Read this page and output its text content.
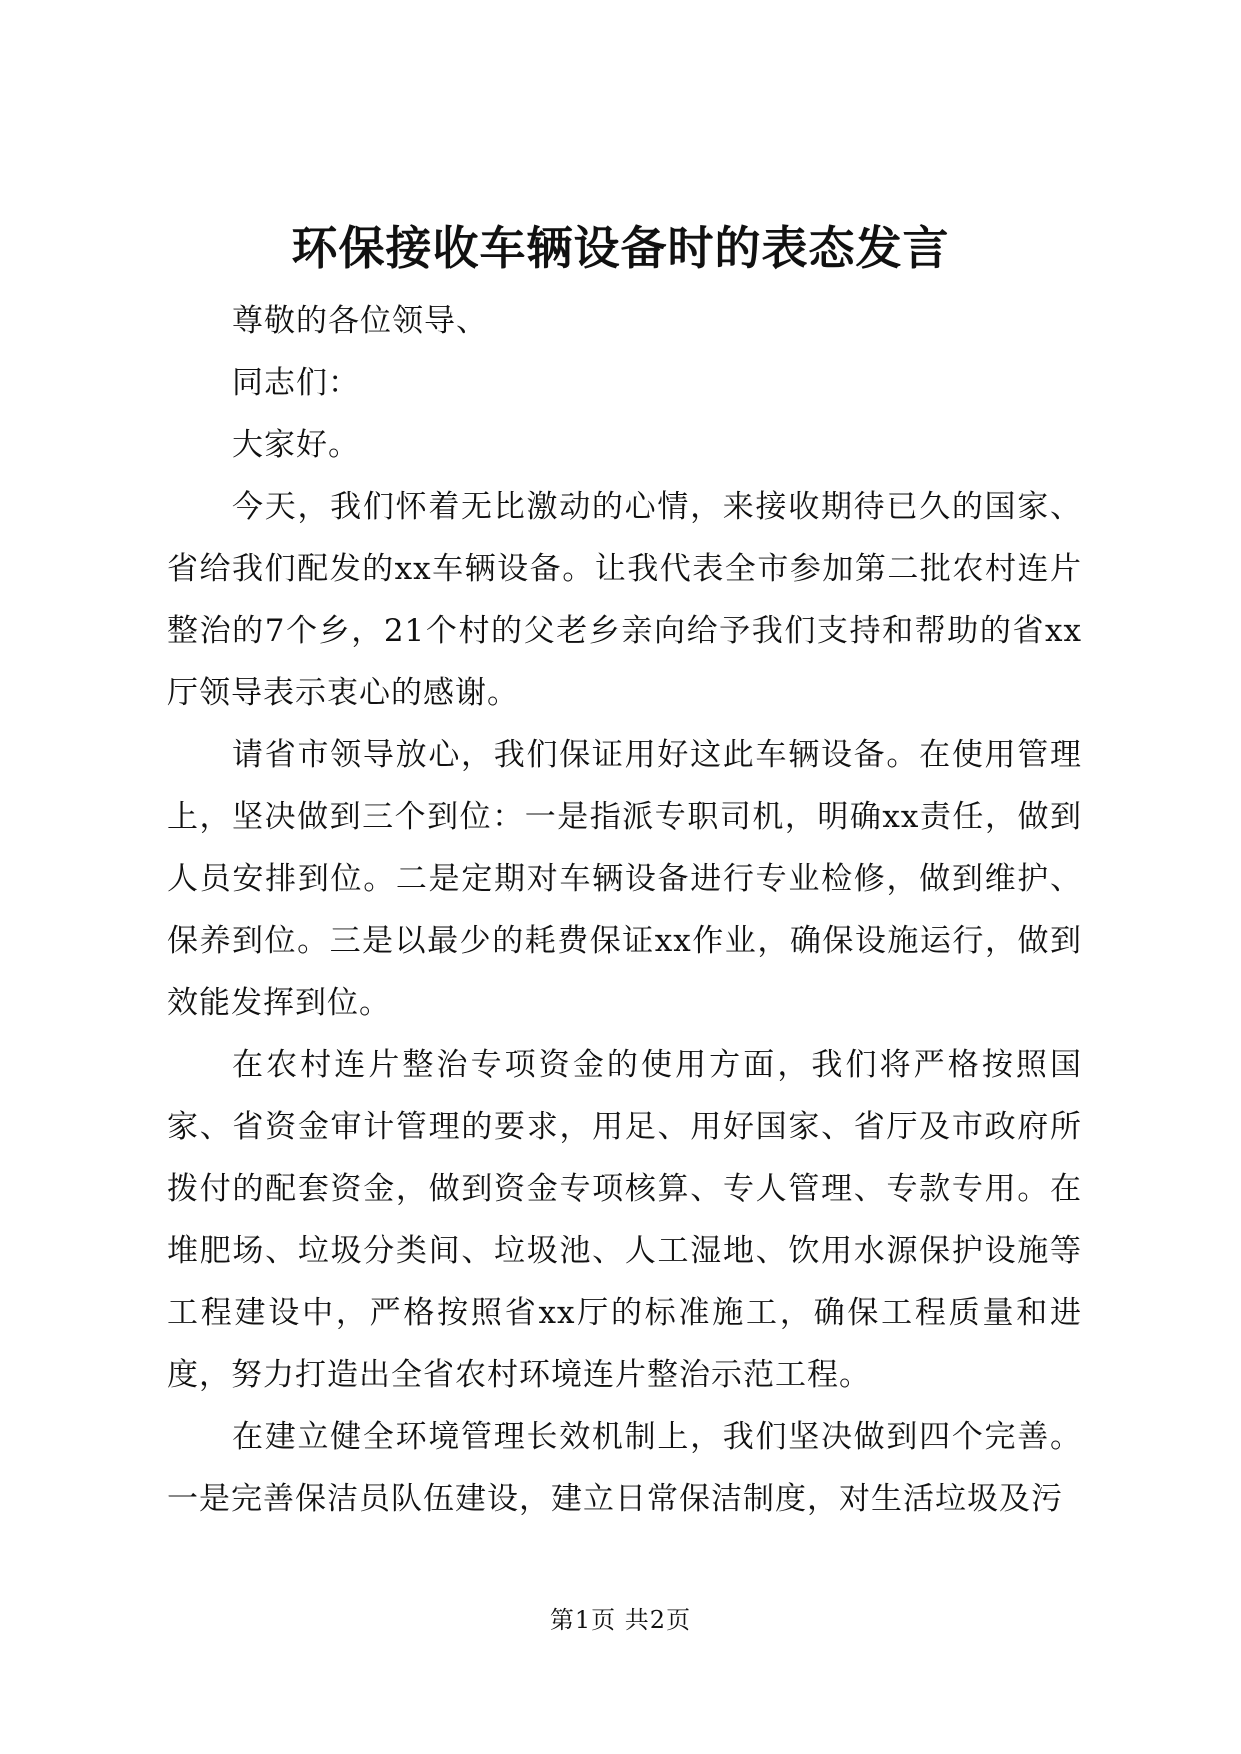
环保接收车辆设备时的表态发言

尊敬的各位领导、

同志们：

大家好。

今天，我们怀着无比激动的心情，来接收期待已久的国家、省给我们配发的xx车辆设备。让我代表全市参加第二批农村连片整治的7个乡，21个村的父老乡亲向给予我们支持和帮助的省xx厅领导表示衷心的感谢。

请省市领导放心，我们保证用好这此车辆设备。在使用管理上，坚决做到三个到位：一是指派专职司机，明确xx责任，做到人员安排到位。二是定期对车辆设备进行专业检修，做到维护、保养到位。三是以最少的耗费保证xx作业，确保设施运行，做到效能发挥到位。

在农村连片整治专项资金的使用方面，我们将严格按照国家、省资金审计管理的要求，用足、用好国家、省厅及市政府所拨付的配套资金，做到资金专项核算、专人管理、专款专用。在堆肥场、垃圾分类间、垃圾池、人工湿地、饮用水源保护设施等工程建设中，严格按照省xx厅的标准施工，确保工程质量和进度，努力打造出全省农村环境连片整治示范工程。

在建立健全环境管理长效机制上，我们坚决做到四个完善。一是完善保洁员队伍建设，建立日常保洁制度，对生活垃圾及污

第1页 共2页
